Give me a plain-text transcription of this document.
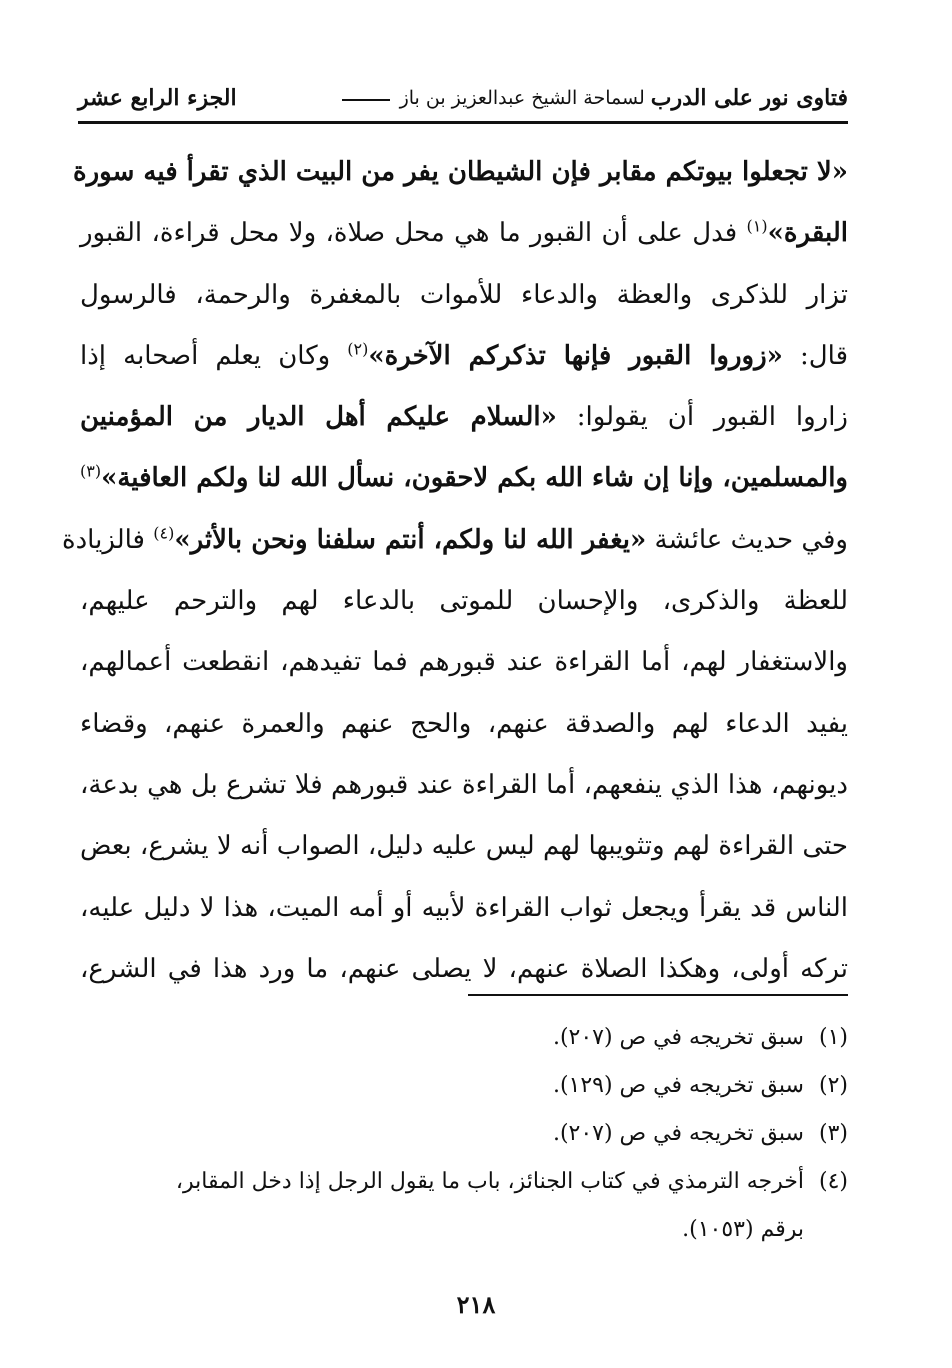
فتاوى نور على الدرب
لسماحة الشيخ عبدالعزيز بن باز
الجزء الرابع عشر
«لا تجعلوا بيوتكم مقابر فإن الشيطان يفر من البيت الذي تقرأ فيه سورة
البقرة»$^{(١)}$ فدل على أن القبور ما هي محل صلاة، ولا محل قراءة، القبور
تزار للذكرى والعظة والدعاء للأموات بالمغفرة والرحمة، فالرسول
قال: «زوروا القبور فإنها تذكركم الآخرة»$^{(٢)}$ وكان يعلم أصحابه إذا
زاروا القبور أن يقولوا: «السلام عليكم أهل الديار من المؤمنين
والمسلمين، وإنا إن شاء الله بكم لاحقون، نسأل الله لنا ولكم العافية»$^{(٣)}$
وفي حديث عائشة «يغفر الله لنا ولكم، أنتم سلفنا ونحن بالأثر»$^{(٤)}$ فالزيادة
للعظة والذكرى، والإحسان للموتى بالدعاء لهم والترحم عليهم،
والاستغفار لهم، أما القراءة عند قبورهم فما تفيدهم، انقطعت أعمالهم،
يفيد الدعاء لهم والصدقة عنهم، والحج عنهم والعمرة عنهم، وقضاء
ديونهم، هذا الذي ينفعهم، أما القراءة عند قبورهم فلا تشرع بل هي بدعة،
حتى القراءة لهم وتثويبها لهم ليس عليه دليل، الصواب أنه لا يشرع، بعض
الناس قد يقرأ ويجعل ثواب القراءة لأبيه أو أمه الميت، هذا لا دليل عليه،
تركه أولى، وهكذا الصلاة عنهم، لا يصلى عنهم، ما ورد هذا في الشرع،
(١)
سبق تخريجه في ص (٢٠٧).
(٢)
سبق تخريجه في ص (١٢٩).
(٣)
سبق تخريجه في ص (٢٠٧).
(٤)
أخرجه الترمذي في كتاب الجنائز، باب ما يقول الرجل إذا دخل المقابر،
برقم (١٠٥٣).
٢١٨
